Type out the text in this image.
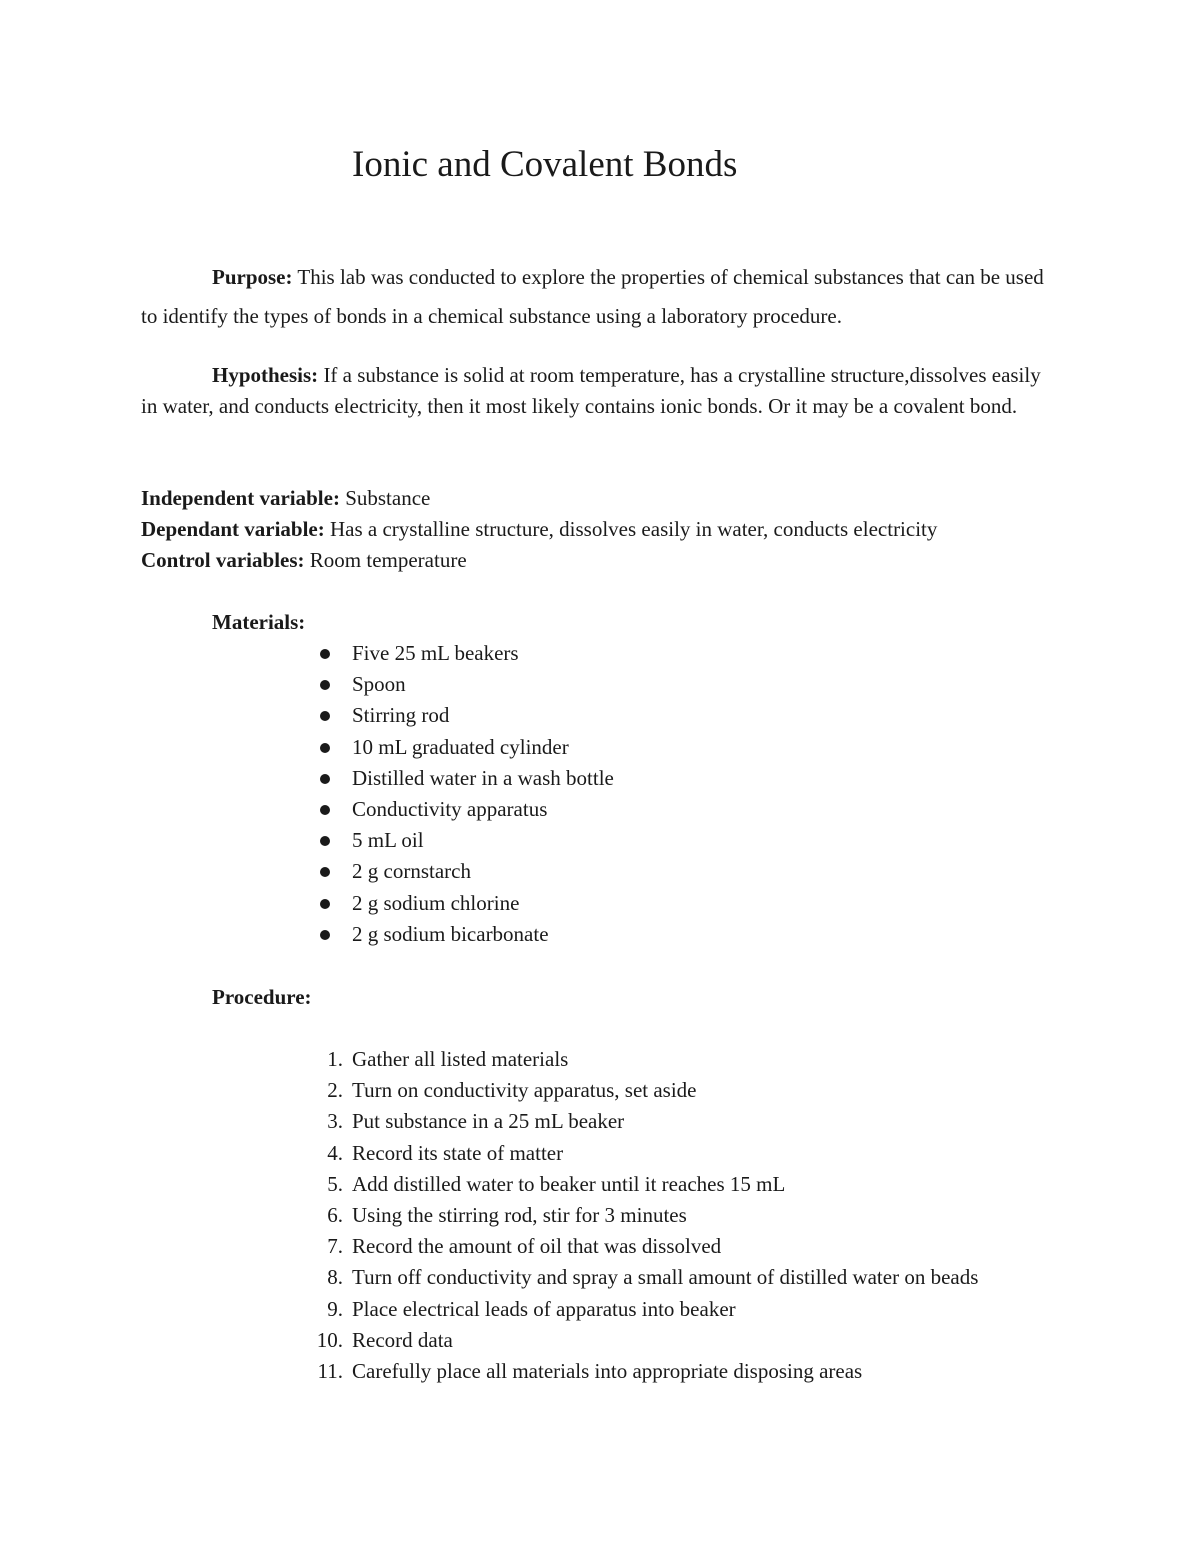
Ionic and Covalent Bonds
Purpose: This lab was conducted to explore the properties of chemical substances that can be used to identify the types of bonds in a chemical substance using a laboratory procedure.
Hypothesis: If a substance is solid at room temperature, has a crystalline structure,dissolves easily in water, and conducts electricity, then it most likely contains ionic bonds. Or it may be a covalent bond.
Independent variable: Substance
Dependant variable: Has a crystalline structure, dissolves easily in water, conducts electricity
Control variables: Room temperature
Materials:
Five 25 mL beakers
Spoon
Stirring rod
10 mL graduated cylinder
Distilled water in a wash bottle
Conductivity apparatus
5 mL oil
2 g cornstarch
2 g sodium chlorine
2 g sodium bicarbonate
Procedure:
1. Gather all listed materials
2. Turn on conductivity apparatus, set aside
3. Put substance in a 25 mL beaker
4. Record its state of matter
5. Add distilled water to beaker until it reaches 15 mL
6. Using the stirring rod, stir for 3 minutes
7. Record the amount of oil that was dissolved
8. Turn off conductivity and spray a small amount of distilled water on beads
9. Place electrical leads of apparatus into beaker
10. Record data
11. Carefully place all materials into appropriate disposing areas
